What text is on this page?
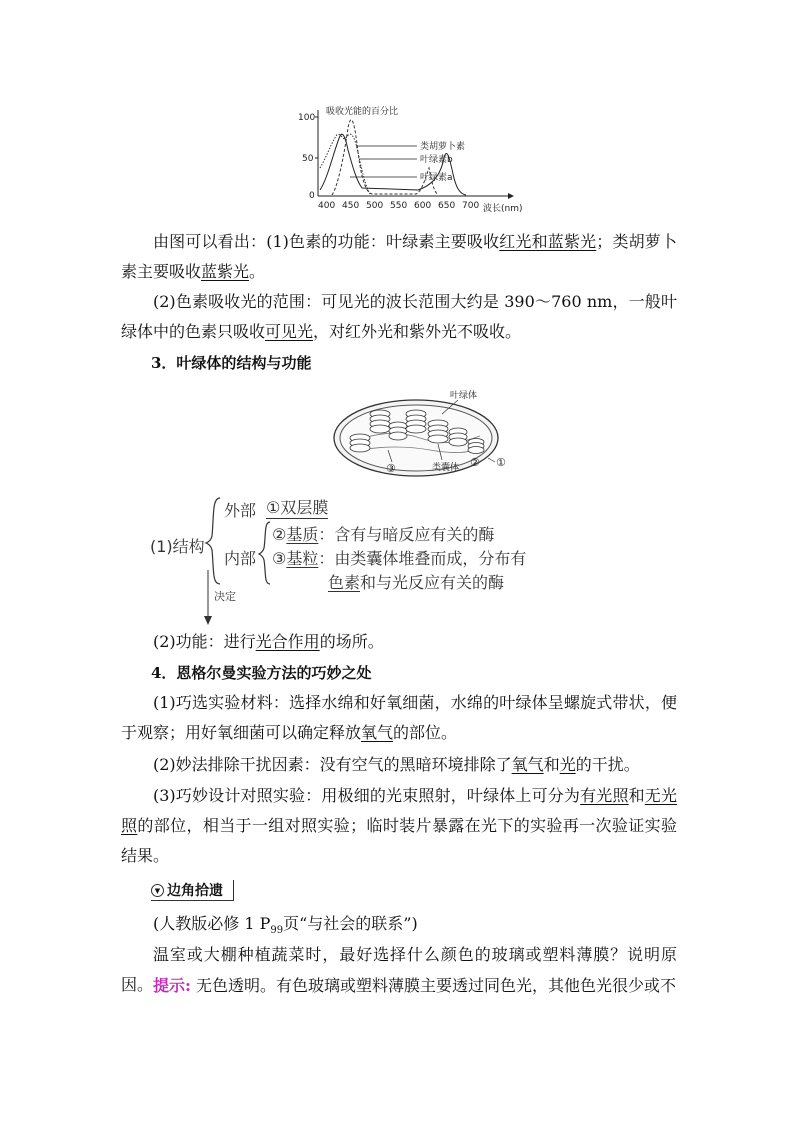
吸收光能的百分比
100
50
0
400 450 500 550 600 650 700 波长(nm)
类胡萝卜素
叶绿素b
叶绿素a
由图可以看出：(1)色素的功能：叶绿素主要吸收红光和蓝紫光；类胡萝卜素主要吸收蓝紫光。
(2)色素吸收光的范围：可见光的波长范围大约是 390～760 nm，一般叶绿体中的色素只吸收可见光，对红外光和紫外光不吸收。
3．叶绿体的结构与功能
叶绿体
③	类囊体 ② ①
(1)结构
外部 ①双层膜
内部
②基质：含有与暗反应有关的酶
③基粒：由类囊体堆叠而成，分布有
色素和与光反应有关的酶
决定
(2)功能：进行光合作用的场所。
4．恩格尔曼实验方法的巧妙之处
(1)巧选实验材料：选择水绵和好氧细菌，水绵的叶绿体呈螺旋式带状，便于观察；用好氧细菌可以确定释放氧气的部位。
(2)妙法排除干扰因素：没有空气的黑暗环境排除了氧气和光的干扰。
(3)巧妙设计对照实验：用极细的光束照射，叶绿体上可分为有光照和无光照的部位，相当于一组对照实验；临时装片暴露在光下的实验再一次验证实验结果。
▼ 边角拾遗
(人教版必修 1 $P_{99}$页“与社会的联系”)
温室或大棚种植蔬菜时，最好选择什么颜色的玻璃或塑料薄膜？说明原因。 提示: 无色透明。有色玻璃或塑料薄膜主要透过同色光，其他色光很少或不
